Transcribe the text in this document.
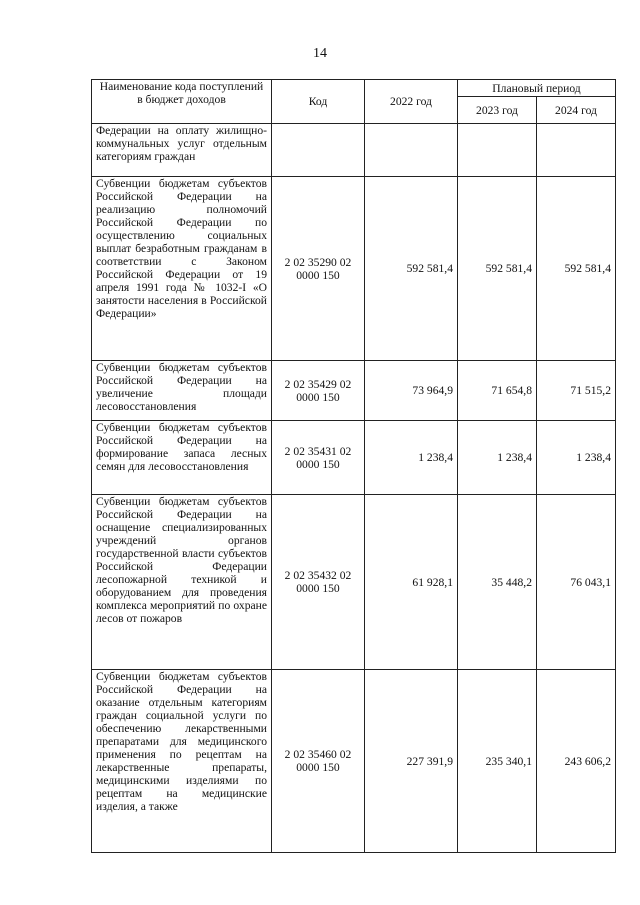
14
Наименование кода поступлений в бюджет доходов	Код	2022 год	Плановый период	
			2023 год	2024 год

Федерации на оплату жилищно-коммунальных услуг отдельным категориям граждан				

Субвенции бюджетам субъектов Российской Федерации на реализацию полномочий Российской Федерации по осуществлению социальных выплат безработным гражданам в соответствии с Законом Российской Федерации от 19 апреля 1991 года № 1032-I «О занятости населения в Российской Федерации»	2 02 35290 02 0000 150	592 581,4	592 581,4	592 581,4

Субвенции бюджетам субъектов Российской Федерации на увеличение площади лесовосстановления	2 02 35429 02 0000 150	73 964,9	71 654,8	71 515,2

Субвенции бюджетам субъектов Российской Федерации на формирование запаса лесных семян для лесовосстановления	2 02 35431 02 0000 150	1 238,4	1 238,4	1 238,4

Субвенции бюджетам субъектов Российской Федерации на оснащение специализированных учреждений органов государственной власти субъектов Российской Федерации лесопожарной техникой и оборудованием для проведения комплекса мероприятий по охране лесов от пожаров	2 02 35432 02 0000 150	61 928,1	35 448,2	76 043,1

Субвенции бюджетам субъектов Российской Федерации на оказание отдельным категориям граждан социальной услуги по обеспечению лекарственными препаратами для медицинского применения по рецептам на лекарственные препараты, медицинскими изделиями по рецептам на медицинские изделия, а также	2 02 35460 02 0000 150	227 391,9	235 340,1	243 606,2
